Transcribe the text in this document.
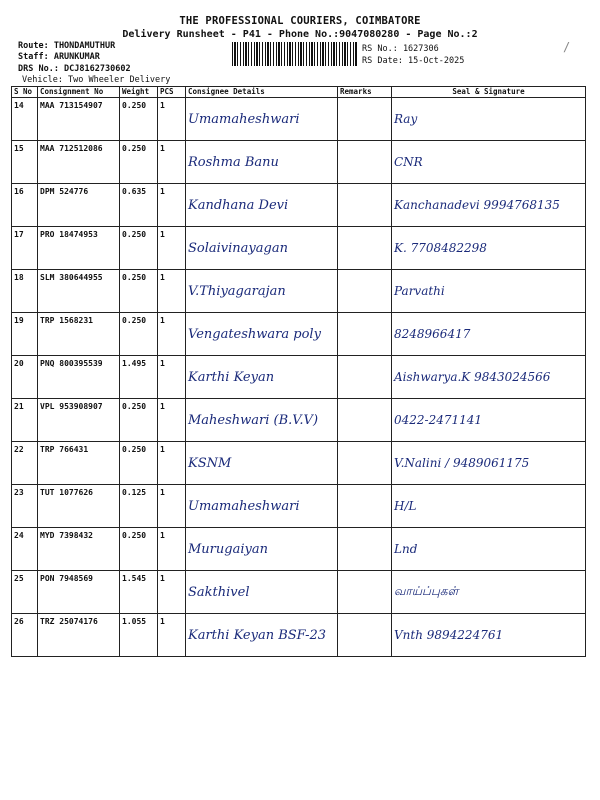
THE PROFESSIONAL COURIERS, COIMBATORE
Delivery Runsheet - P41 - Phone No.:9047080280 - Page No.:2
Route: THONDAMUTHUR
Staff: ARUNKUMAR
DRS No.: DCJ8162730602
Vehicle: Two Wheeler Delivery
RS No.: 1627306
RS Date: 15-Oct-2025
/
S No	Consignment No	Weight	PCS	Consignee Details	Remarks	Seal & Signature
14	MAA 713154907	0.250	1	Umamaheshwari		Ray
15	MAA 712512086	0.250	1	Roshma Banu		CNR
16	DPM 524776	0.635	1	Kandhana Devi		Kanchanadevi 9994768135
17	PRO 18474953	0.250	1	Solaivinayagan		K. 7708482298
18	SLM 380644955	0.250	1	V.Thiyagarajan		Parvathi
19	TRP 1568231	0.250	1	Vengateshwara poly		8248966417
20	PNQ 800395539	1.495	1	Karthi Keyan		Aishwarya.K 9843024566
21	VPL 953908907	0.250	1	Maheshwari (B.V.V)		0422-2471141
22	TRP 766431	0.250	1	KSNM		V.Nalini / 9489061175
23	TUT 1077626	0.125	1	Umamaheshwari		H/L
24	MYD 7398432	0.250	1	Murugaiyan		Lnd
25	PON 7948569	1.545	1	Sakthivel		வாய்ப்புகள்
26	TRZ 25074176	1.055	1	Karthi Keyan BSF-23		Vnth 9894224761
